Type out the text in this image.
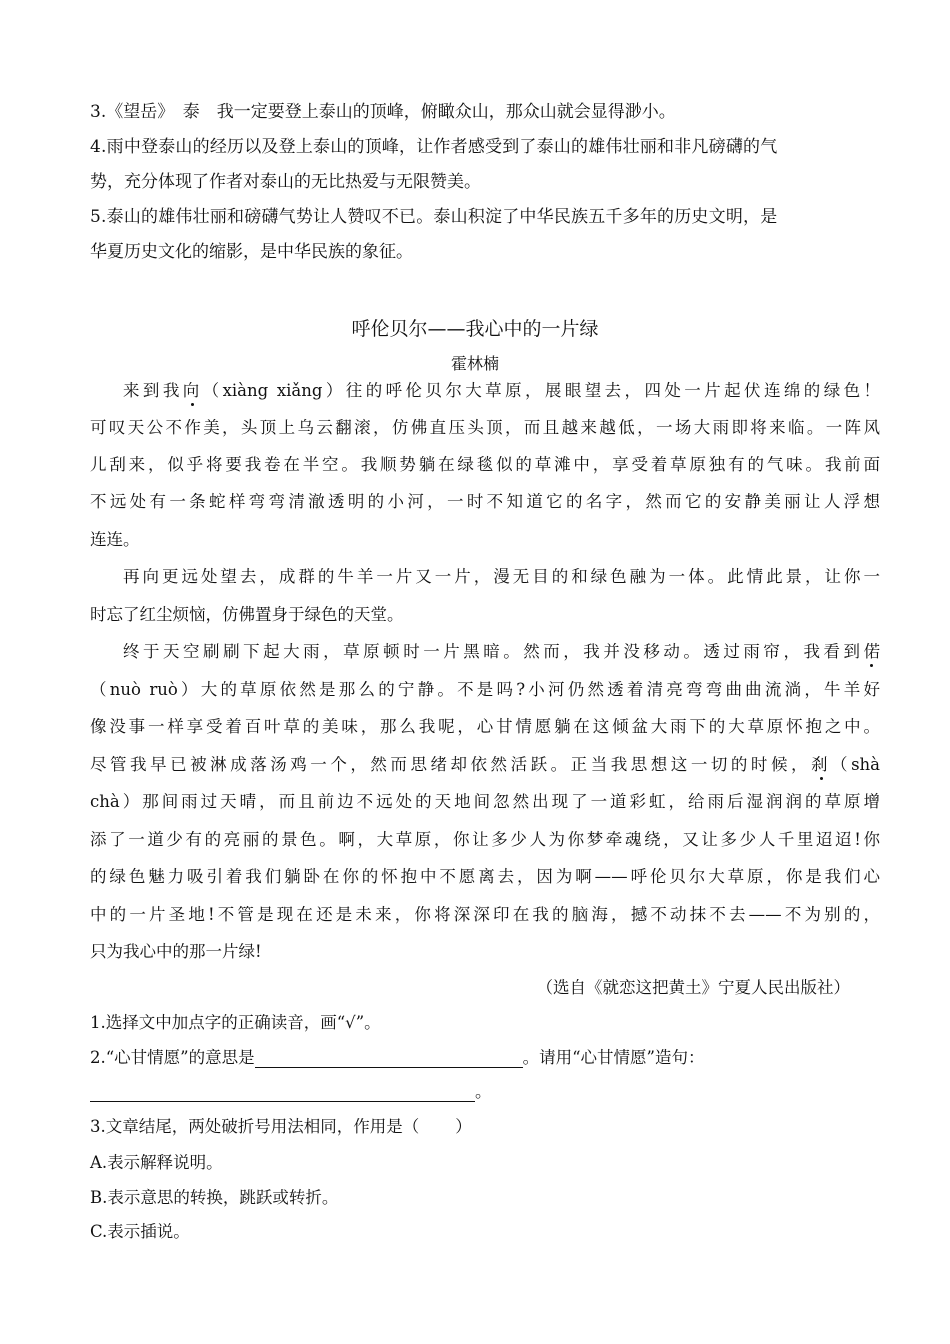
3.《望岳》　泰　我一定要登上泰山的顶峰，俯瞰众山，那众山就会显得渺小。
4.雨中登泰山的经历以及登上泰山的顶峰，让作者感受到了泰山的雄伟壮丽和非凡磅礴的气
势，充分体现了作者对泰山的无比热爱与无限赞美。
5.泰山的雄伟壮丽和磅礴气势让人赞叹不已。泰山积淀了中华民族五千多年的历史文明，是
华夏历史文化的缩影，是中华民族的象征。
呼伦贝尔——我心中的一片绿
霍林楠
来到我向（xiàng xiǎng）往的呼伦贝尔大草原，展眼望去，四处一片起伏连绵的绿色！
可叹天公不作美，头顶上乌云翻滚，仿佛直压头顶，而且越来越低，一场大雨即将来临。一阵风
儿刮来，似乎将要我卷在半空。我顺势躺在绿毯似的草滩中，享受着草原独有的气味。我前面
不远处有一条蛇样弯弯清澈透明的小河，一时不知道它的名字，然而它的安静美丽让人浮想
连连。
再向更远处望去，成群的牛羊一片又一片，漫无目的和绿色融为一体。此情此景，让你一
时忘了红尘烦恼，仿佛置身于绿色的天堂。
终于天空刷刷下起大雨，草原顿时一片黑暗。然而，我并没移动。透过雨帘，我看到偌
（nuò ruò）大的草原依然是那么的宁静。不是吗?小河仍然透着清亮弯弯曲曲流淌，牛羊好
像没事一样享受着百叶草的美味，那么我呢，心甘情愿躺在这倾盆大雨下的大草原怀抱之中。
尽管我早已被淋成落汤鸡一个，然而思绪却依然活跃。正当我思想这一切的时候，刹（shà
chà）那间雨过天晴，而且前边不远处的天地间忽然出现了一道彩虹，给雨后湿润润的草原增
添了一道少有的亮丽的景色。啊，大草原，你让多少人为你梦牵魂绕，又让多少人千里迢迢!你
的绿色魅力吸引着我们躺卧在你的怀抱中不愿离去，因为啊——呼伦贝尔大草原，你是我们心
中的一片圣地!不管是现在还是未来，你将深深印在我的脑海，撼不动抹不去——不为别的，
只为我心中的那一片绿!
（选自《就恋这把黄土》宁夏人民出版社）
1.选择文中加点字的正确读音，画“√”。
2.“心甘情愿”的意思是	。请用“心甘情愿”造句：
。
3.文章结尾，两处破折号用法相同，作用是（ ）
A.表示解释说明。
B.表示意思的转换，跳跃或转折。
C.表示插说。
